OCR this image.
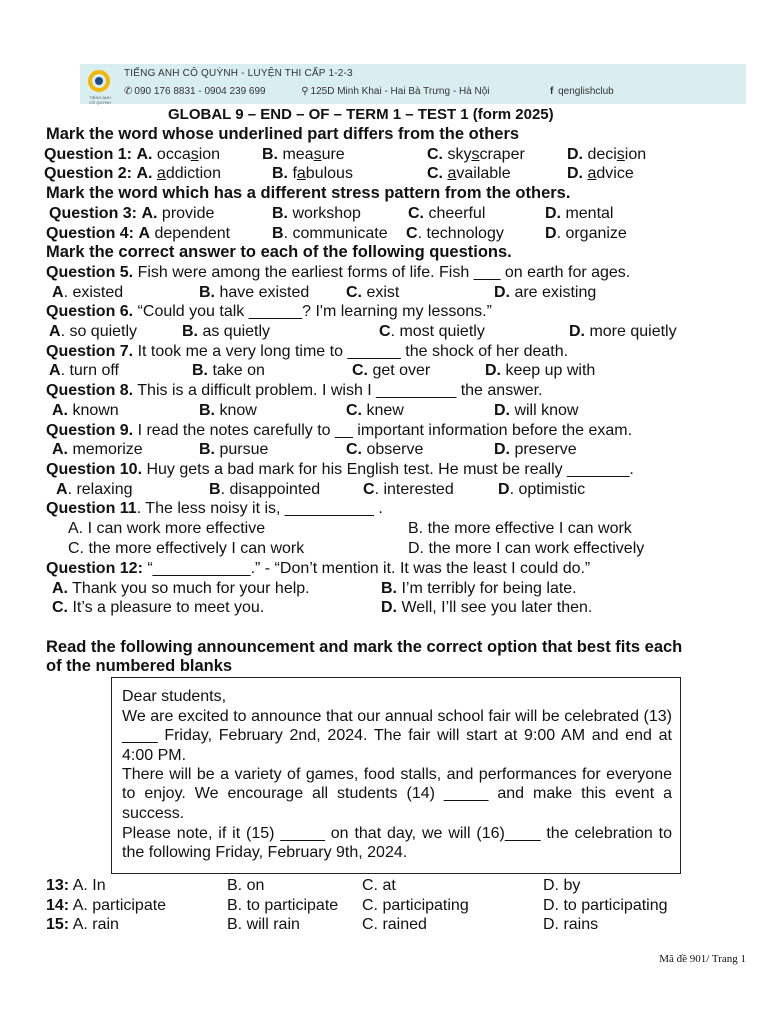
TIẾNG ANH CÔ QUỲNH
TIẾNG ANH CÔ QUỲNH - LUYỆN THI CẤP 1-2-3
✆ 090 176 8831 - 0904 239 699	⚲ 125D Minh Khai - Hai Bà Trưng - Hà Nội	f qenglishclub
GLOBAL 9 – END – OF – TERM 1 – TEST 1 (form 2025)
Mark the word whose underlined part differs from the others
Question 1: A. occasion	B. measure	C. skyscraper	D. decision
Question 2: A. addiction	B. fabulous	C. available	D. advice
Mark the word which has a different stress pattern from the others.
Question 3: A. provide	B. workshop	C. cheerful	D. mental
Question 4: A dependent	B. communicate C. technology	D. organize
Mark the correct answer to each of the following questions.
Question 5. Fish were among the earliest forms of life. Fish ___ on earth for ages.
A. existed	B. have existed C. exist	D. are existing
Question 6. “Could you talk ______? I'm learning my lessons.”
A. so quietly	B. as quietly	C. most quietly	D. more quietly
Question 7. It took me a very long time to ______ the shock of her death.
A. turn off	B. take on	C. get over	D. keep up with
Question 8. This is a difficult problem. I wish I _________ the answer.
A. known	B. know	C. knew	D. will know
Question 9. I read the notes carefully to __ important information before the exam.
A. memorize	B. pursue	C. observe	D. preserve
Question 10. Huy gets a bad mark for his English test. He must be really _______.
A. relaxing	B. disappointed	C. interested	D. optimistic
Question 11. The less noisy it is, __________ .
A. I can work more effective	B. the more effective I can work
C. the more effectively I can work	D. the more I can work effectively
Question 12: “___________.” - “Don’t mention it. It was the least I could do.”
A. Thank you so much for your help.	B. I’m terribly for being late.
C. It’s a pleasure to meet you.	D. Well, I’ll see you later then.
Read the following announcement and mark the correct option that best fits each
of the numbered blanks
Dear students,
We are excited to announce that our annual school fair will be celebrated (13) ____ Friday, February 2nd, 2024. The fair will start at 9:00 AM and end at 4:00 PM.
There will be a variety of games, food stalls, and performances for everyone to enjoy. We encourage all students (14) _____ and make this event a success.
Please note, if it (15) _____ on that day, we will (16)____ the celebration to the following Friday, February 9th, 2024.
13: A. In	B. on	C. at	D. by
14: A. participate	B. to participate C. participating	D. to participating
15: A. rain	B. will rain	C. rained	D. rains
Mã đề 901/ Trang 1
